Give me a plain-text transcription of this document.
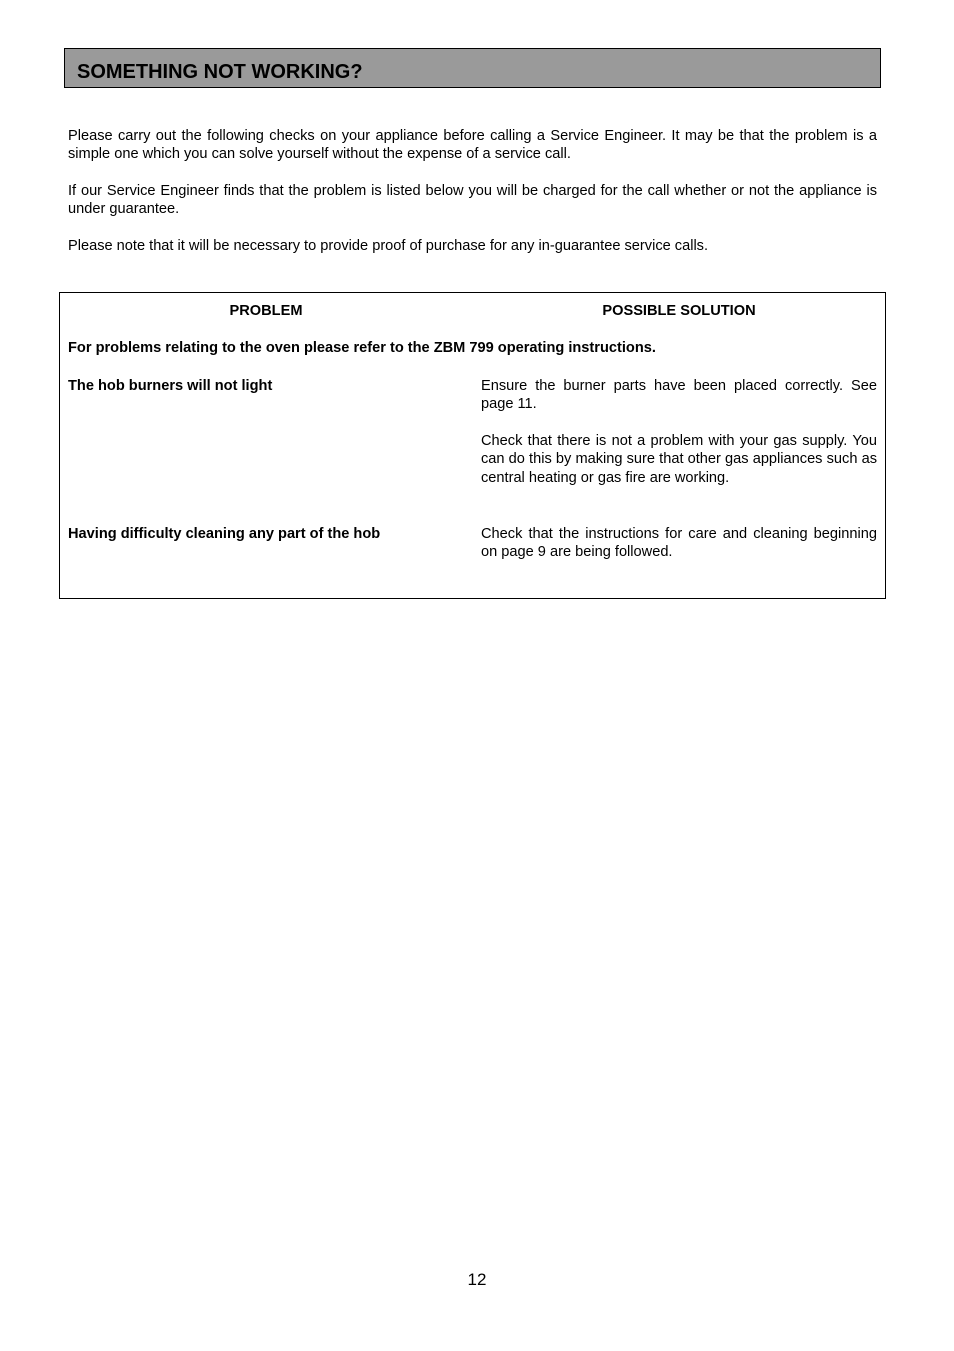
SOMETHING NOT WORKING?

Please carry out the following checks on your appliance before calling a Service Engineer. It may be that the problem is a simple one which you can solve yourself without the expense of a service call.

If our Service Engineer finds that the problem is listed below you will be charged for the call whether or not the appliance is under guarantee.

Please note that it will be necessary to provide proof of purchase for any in-guarantee service calls.

PROBLEM	POSSIBLE SOLUTION
For problems relating to the oven please refer to the ZBM 799 operating instructions.
The hob burners will not light	Ensure the burner parts have been placed correctly. See page 11.

Check that there is not a problem with your gas supply. You can do this by making sure that other gas appliances such as central heating or gas fire are working.

Having difficulty cleaning any part of the hob	Check that the instructions for care and cleaning beginning on page 9 are being followed.

12
